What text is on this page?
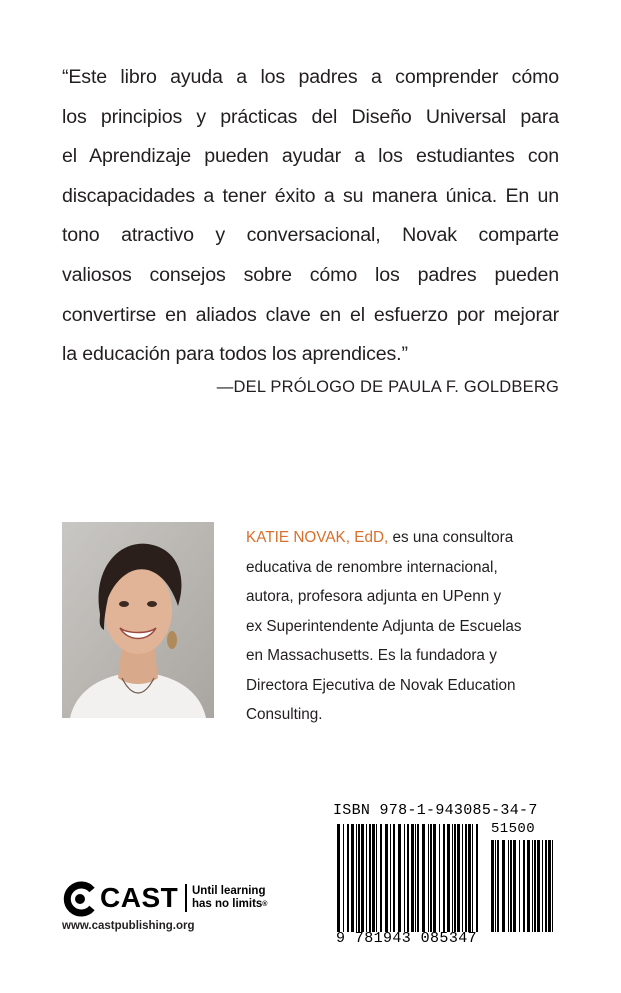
“Este libro ayuda a los padres a comprender cómo
los principios y prácticas del Diseño Universal para
el Aprendizaje pueden ayudar a los estudiantes con
discapacidades a tener éxito a su manera única. En un
tono atractivo y conversacional, Novak comparte
valiosos consejos sobre cómo los padres pueden
convertirse en aliados clave en el esfuerzo por mejorar
la educación para todos los aprendices.”
—DEL PRÓLOGO DE PAULA F. GOLDBERG
KATIE NOVAK, EdD, es una consultora
educativa de renombre internacional,
autora, profesora adjunta en UPenn y
ex Superintendente Adjunta de Escuelas
en Massachusetts. Es la fundadora y
Directora Ejecutiva de Novak Education
Consulting.
ISBN 978-1-943085-34-7
51500
9 781943 085347
CAST Until learning
has no limits®
www.castpublishing.org
